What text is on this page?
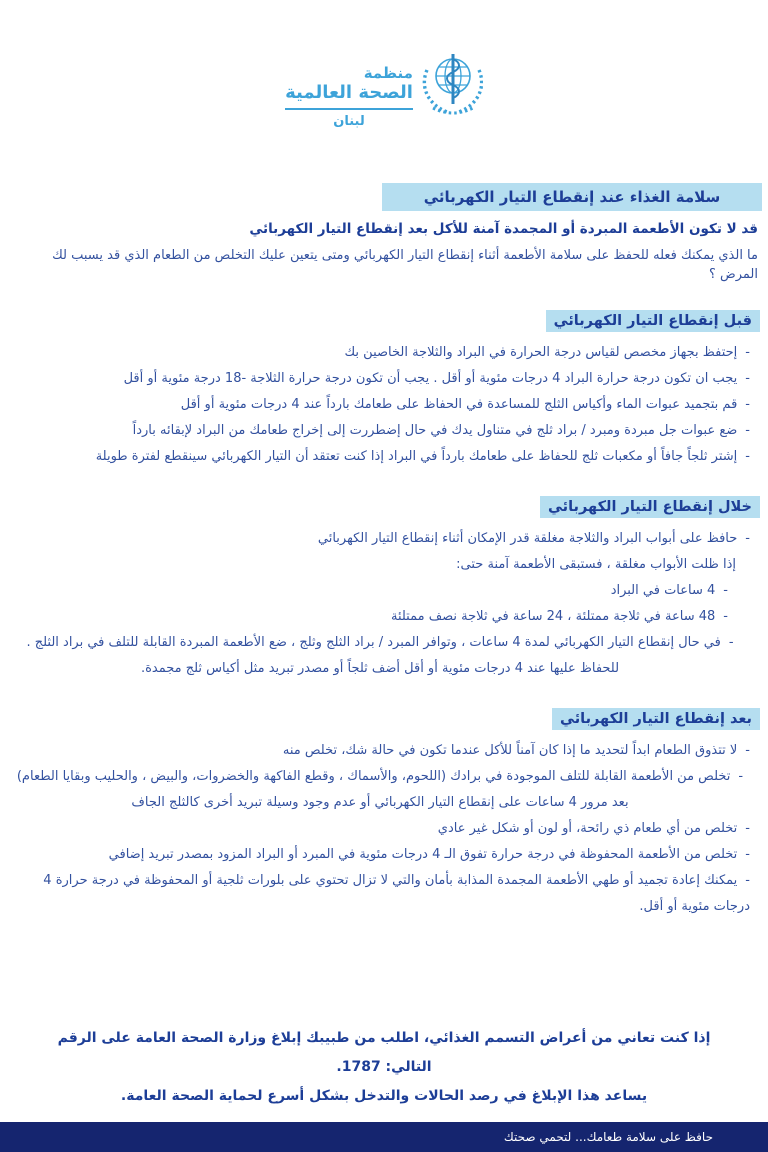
منظمة
الصحة العالمية
لبنان
سلامة الغذاء عند إنقطاع التيار الكهربائي
قد لا تكون الأطعمة المبردة أو المجمدة آمنة للأكل بعد إنقطاع التيار الكهربائي
ما الذي يمكنك فعله للحفظ على سلامة الأطعمة أثناء إنقطاع التيار الكهربائي ومتى يتعين عليك التخلص من الطعام الذي قد يسبب لك المرض ؟
قبل إنقطاع التيار الكهربائي
- إحتفظ بجهاز مخصص لقياس درجة الحرارة في البراد والثلاجة الخاصين بك
- يجب ان تكون درجة حرارة البراد 4 درجات مئوية أو أقل . يجب أن تكون درجة حرارة الثلاجة -18 درجة مئوية أو أقل
- قم بتجميد عبوات الماء وأكياس الثلج للمساعدة في الحفاظ على طعامك بارداً عند 4 درجات مئوية أو أقل
- ضع عبوات جل مبردة ومبرد / براد ثلج في متناول يدك في حال إضطررت إلى إخراج طعامك من البراد لإبقائه بارداً
- إشتر ثلجاً جافاً أو مكعبات ثلج للحفاظ على طعامك بارداً في البراد إذا كنت تعتقد أن التيار الكهربائي سينقطع لفترة طويلة
خلال إنقطاع التيار الكهربائي
- حافظ على أبواب البراد والثلاجة مغلقة قدر الإمكان أثناء إنقطاع التيار الكهربائي
إذا ظلت الأبواب مغلقة ، فستبقى الأطعمة آمنة حتى:
- 4 ساعات في البراد
- 48 ساعة في ثلاجة ممتلئة ، 24 ساعة في ثلاجة نصف ممتلئة
- في حال إنقطاع التيار الكهربائي لمدة 4 ساعات ، وتوافر المبرد / براد الثلج وثلج ، ضع الأطعمة المبردة القابلة للتلف في براد الثلج . للحفاظ عليها عند 4 درجات مئوية أو أقل أضف ثلجاً أو مصدر تبريد مثل أكياس ثلج مجمدة.
بعد إنقطاع التيار الكهربائي
- لا تتذوق الطعام ابداً لتحديد ما إذا كان آمناً للأكل عندما تكون في حالة شك، تخلص منه
- تخلص من الأطعمة القابلة للتلف الموجودة في برادك (اللحوم، والأسماك ، وقطع الفاكهة والخضروات، والبيض ، والحليب وبقايا الطعام) بعد مرور 4 ساعات على إنقطاع التيار الكهربائي أو عدم وجود وسيلة تبريد أخرى كالثلج الجاف
- تخلص من أي طعام ذي رائحة، أو لون أو شكل غير عادي
- تخلص من الأطعمة المحفوظة في درجة حرارة تفوق الـ 4 درجات مئوية في المبرد أو البراد المزود بمصدر تبريد إضافي
- يمكنك إعادة تجميد أو طهي الأطعمة المجمدة المذابة بأمان والتي لا تزال تحتوي على بلورات ثلجية أو المحفوظة في درجة حرارة 4 درجات مئوية أو أقل.
إذا كنت تعاني من أعراض التسمم الغذائي، اطلب من طبيبك إبلاغ وزارة الصحة العامة على الرقم التالي: 1787.
يساعد هذا الإبلاغ في رصد الحالات والتدخل بشكل أسرع لحماية الصحة العامة.
حافظ على سلامة طعامك... لتحمي صحتك
